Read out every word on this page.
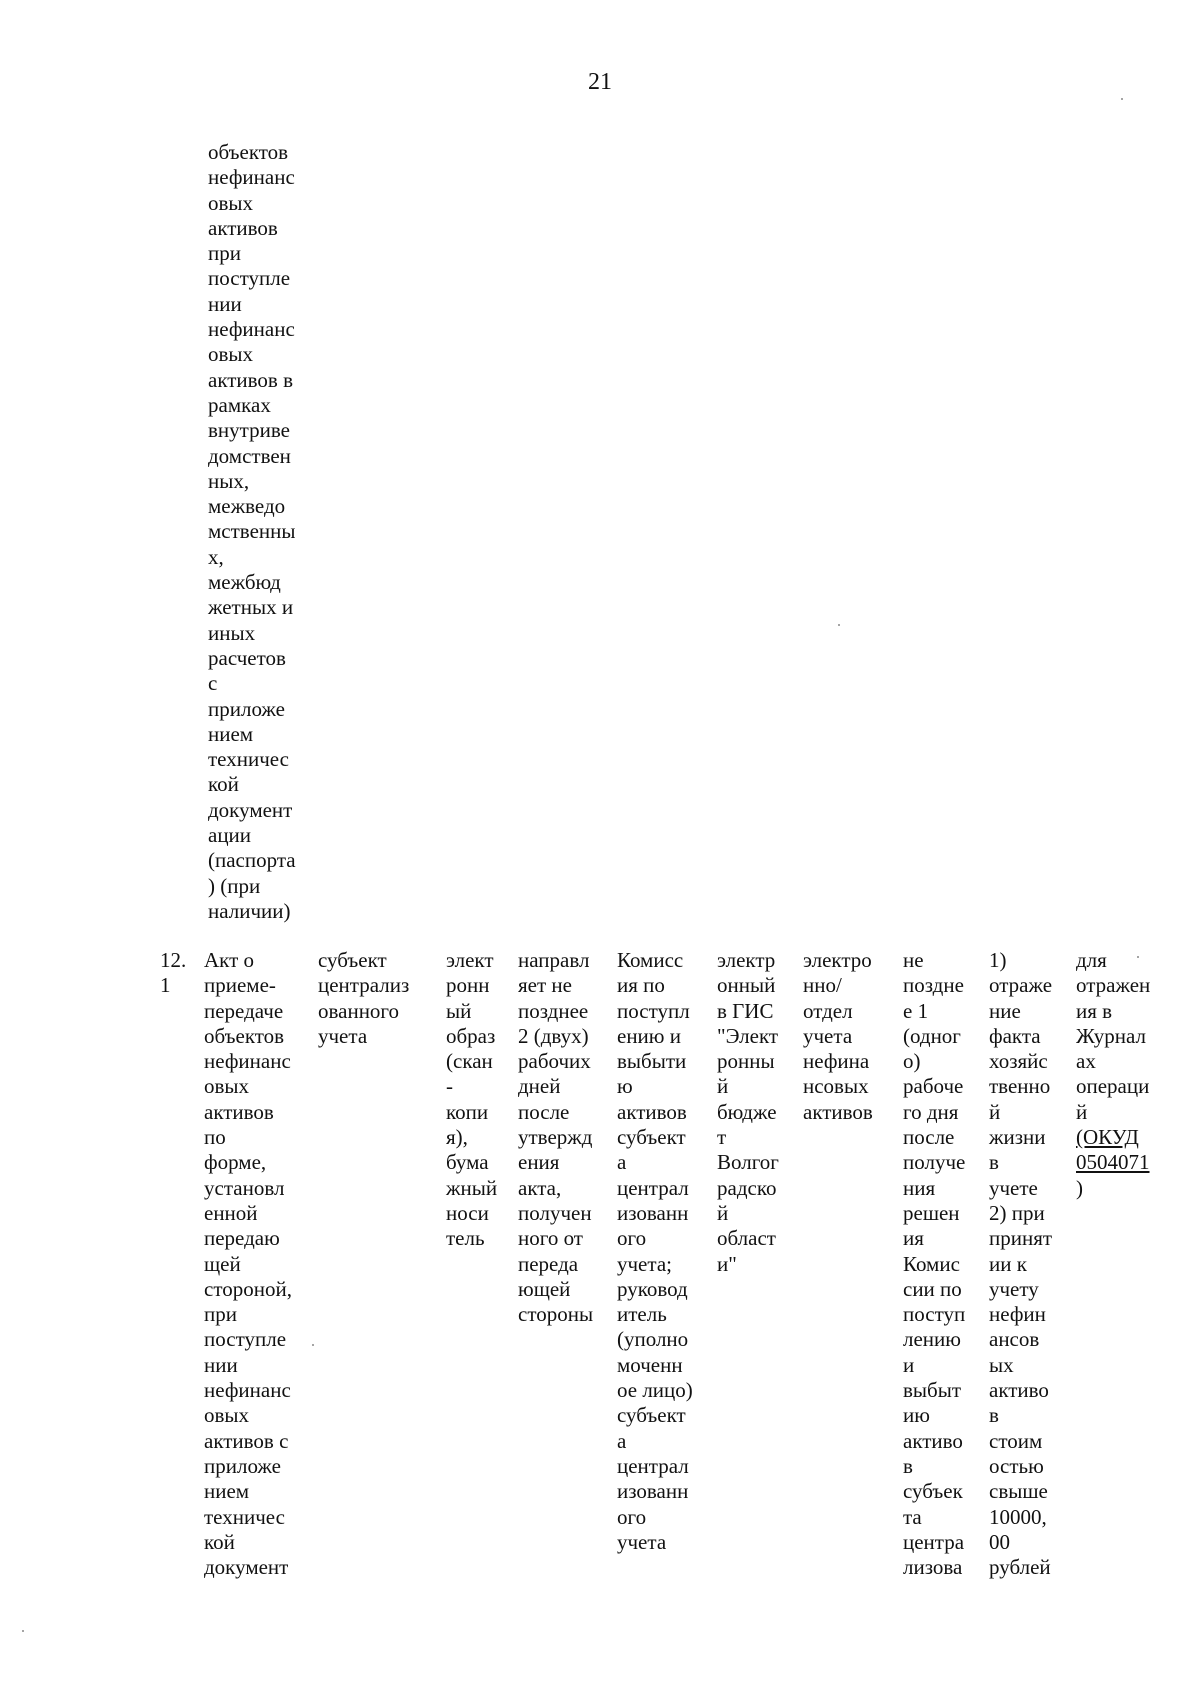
21
объектов
нефинанс
овых
активов
при
поступле
нии
нефинанс
овых
активов в
рамках
внутриве
домствен
ных,
межведо
мственны
х,
межбюд
жетных и
иных
расчетов
с
приложе
нием
техничес
кой
документ
ации
(паспорта
) (при
наличии)
12.
1
Акт о
приеме-
передаче
объектов
нефинанс
овых
активов
по
форме,
установл
енной
передаю
щей
стороной,
при
поступле
нии
нефинанс
овых
активов с
приложе
нием
техничес
кой
документ
субъект
централиз
ованного
учета
элект
ронн
ый
образ
(скан
-
копи
я),
бума
жный
носи
тель
направл
яет не
позднее
2 (двух)
рабочих
дней
после
утвержд
ения
акта,
получен
ного от
переда
ющей
стороны
Комисс
ия по
поступл
ению и
выбыти
ю
активов
субъект
а
централ
изованн
ого
учета;
руковод
итель
(уполно
моченн
ое лицо)
субъект
а
централ
изованн
ого
учета
электр
онный
в ГИС
"Элект
ронны
й
бюдже
т
Волгог
радско
й
област
и"
электро
нно/
отдел
учета
нефина
нсовых
активов
не
поздне
е 1
(одног
о)
рабоче
го дня
после
получе
ния
решен
ия
Комис
сии по
поступ
лению
и
выбыт
ию
активо
в
субъек
та
центра
лизова
1)
отраже
ние
факта
хозяйс
твенно
й
жизни
в
учете
2) при
принят
ии к
учету
нефин
ансов
ых
активо
в
стоим
остью
свыше
10000,
00
рублей
для
отражен
ия в
Журнал
ах
операци
й
(ОКУД
0504071
)
